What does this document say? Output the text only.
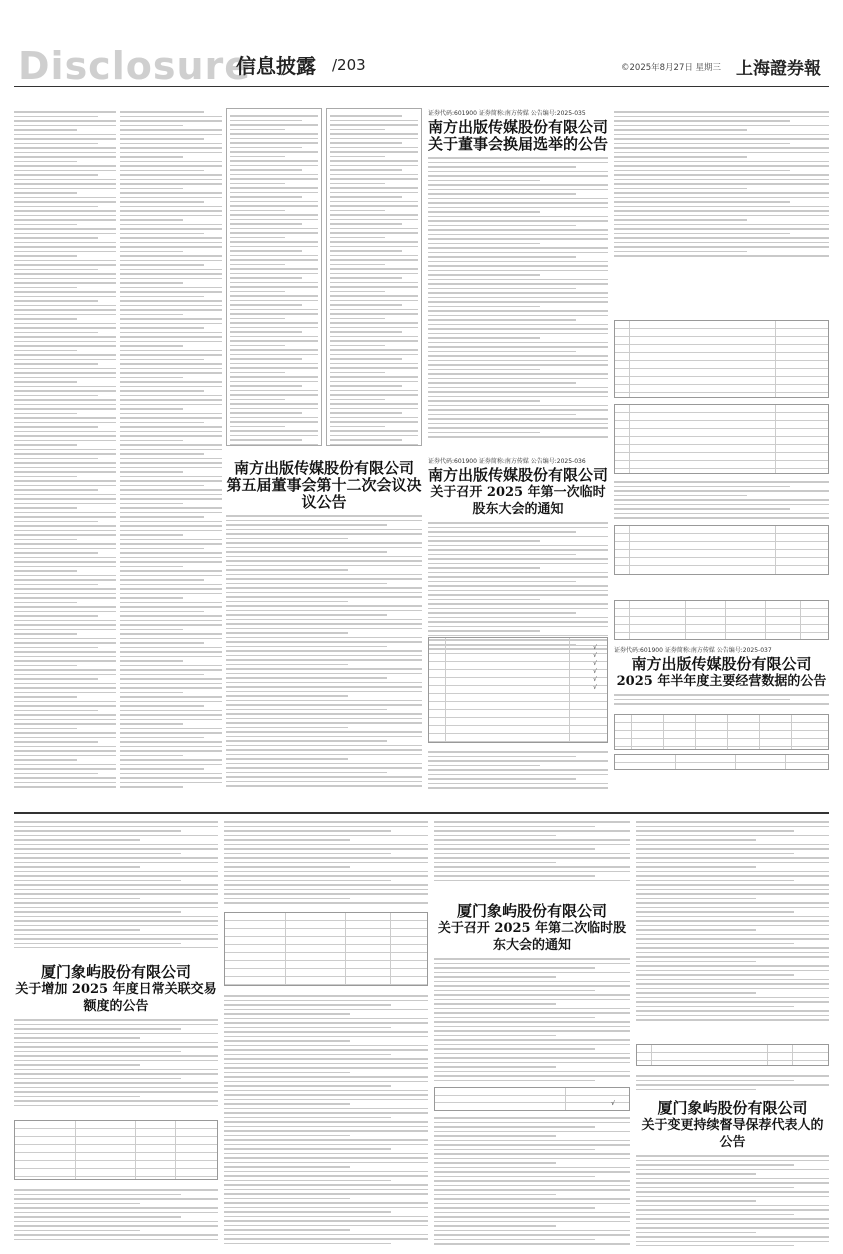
Disclosure
信息披露 /203	©2025年8月27日 星期三 上海證券報
南方出版传媒股份有限公司
第五届董事会第十二次会议决议公告
证券代码:601900 证券简称:南方传媒 公告编号:2025-035
南方出版传媒股份有限公司
关于董事会换届选举的公告
证券代码:601900 证券简称:南方传媒 公告编号:2025-036
南方出版传媒股份有限公司
关于召开 2025 年第一次临时股东大会的通知
√
√
√
√
√
√
证券代码:601900 证券简称:南方传媒 公告编号:2025-037
南方出版传媒股份有限公司
2025 年半年度主要经营数据的公告
厦门象屿股份有限公司
关于增加 2025 年度日常关联交易额度的公告
厦门象屿股份有限公司
关于召开 2025 年第二次临时股东大会的通知
√	厦门象屿股份有限公司
关于变更持续督导保荐代表人的公告
